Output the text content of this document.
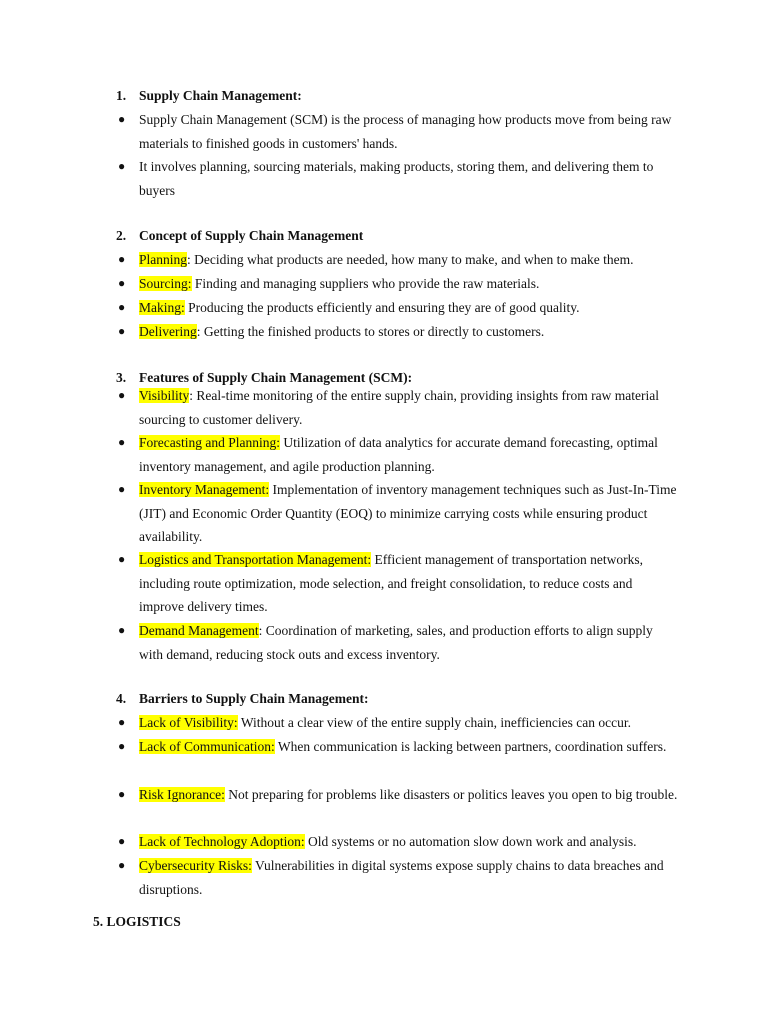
1. Supply Chain Management:
● Supply Chain Management (SCM) is the process of managing how products move from being raw materials to finished goods in customers' hands.
● It involves planning, sourcing materials, making products, storing them, and delivering them to buyers
2. Concept of Supply Chain Management
● Planning: Deciding what products are needed, how many to make, and when to make them.
● Sourcing: Finding and managing suppliers who provide the raw materials.
● Making: Producing the products efficiently and ensuring they are of good quality.
● Delivering: Getting the finished products to stores or directly to customers.
3. Features of Supply Chain Management (SCM):
● Visibility: Real-time monitoring of the entire supply chain, providing insights from raw material sourcing to customer delivery.
● Forecasting and Planning: Utilization of data analytics for accurate demand forecasting, optimal inventory management, and agile production planning.
● Inventory Management: Implementation of inventory management techniques such as Just-In-Time (JIT) and Economic Order Quantity (EOQ) to minimize carrying costs while ensuring product availability.
● Logistics and Transportation Management: Efficient management of transportation networks, including route optimization, mode selection, and freight consolidation, to reduce costs and improve delivery times.
● Demand Management: Coordination of marketing, sales, and production efforts to align supply with demand, reducing stock outs and excess inventory.
4. Barriers to Supply Chain Management:
● Lack of Visibility: Without a clear view of the entire supply chain, inefficiencies can occur.
● Lack of Communication: When communication is lacking between partners, coordination suffers.
● Risk Ignorance: Not preparing for problems like disasters or politics leaves you open to big trouble.
● Lack of Technology Adoption: Old systems or no automation slow down work and analysis.
● Cybersecurity Risks: Vulnerabilities in digital systems expose supply chains to data breaches and disruptions.
5. LOGISTICS
